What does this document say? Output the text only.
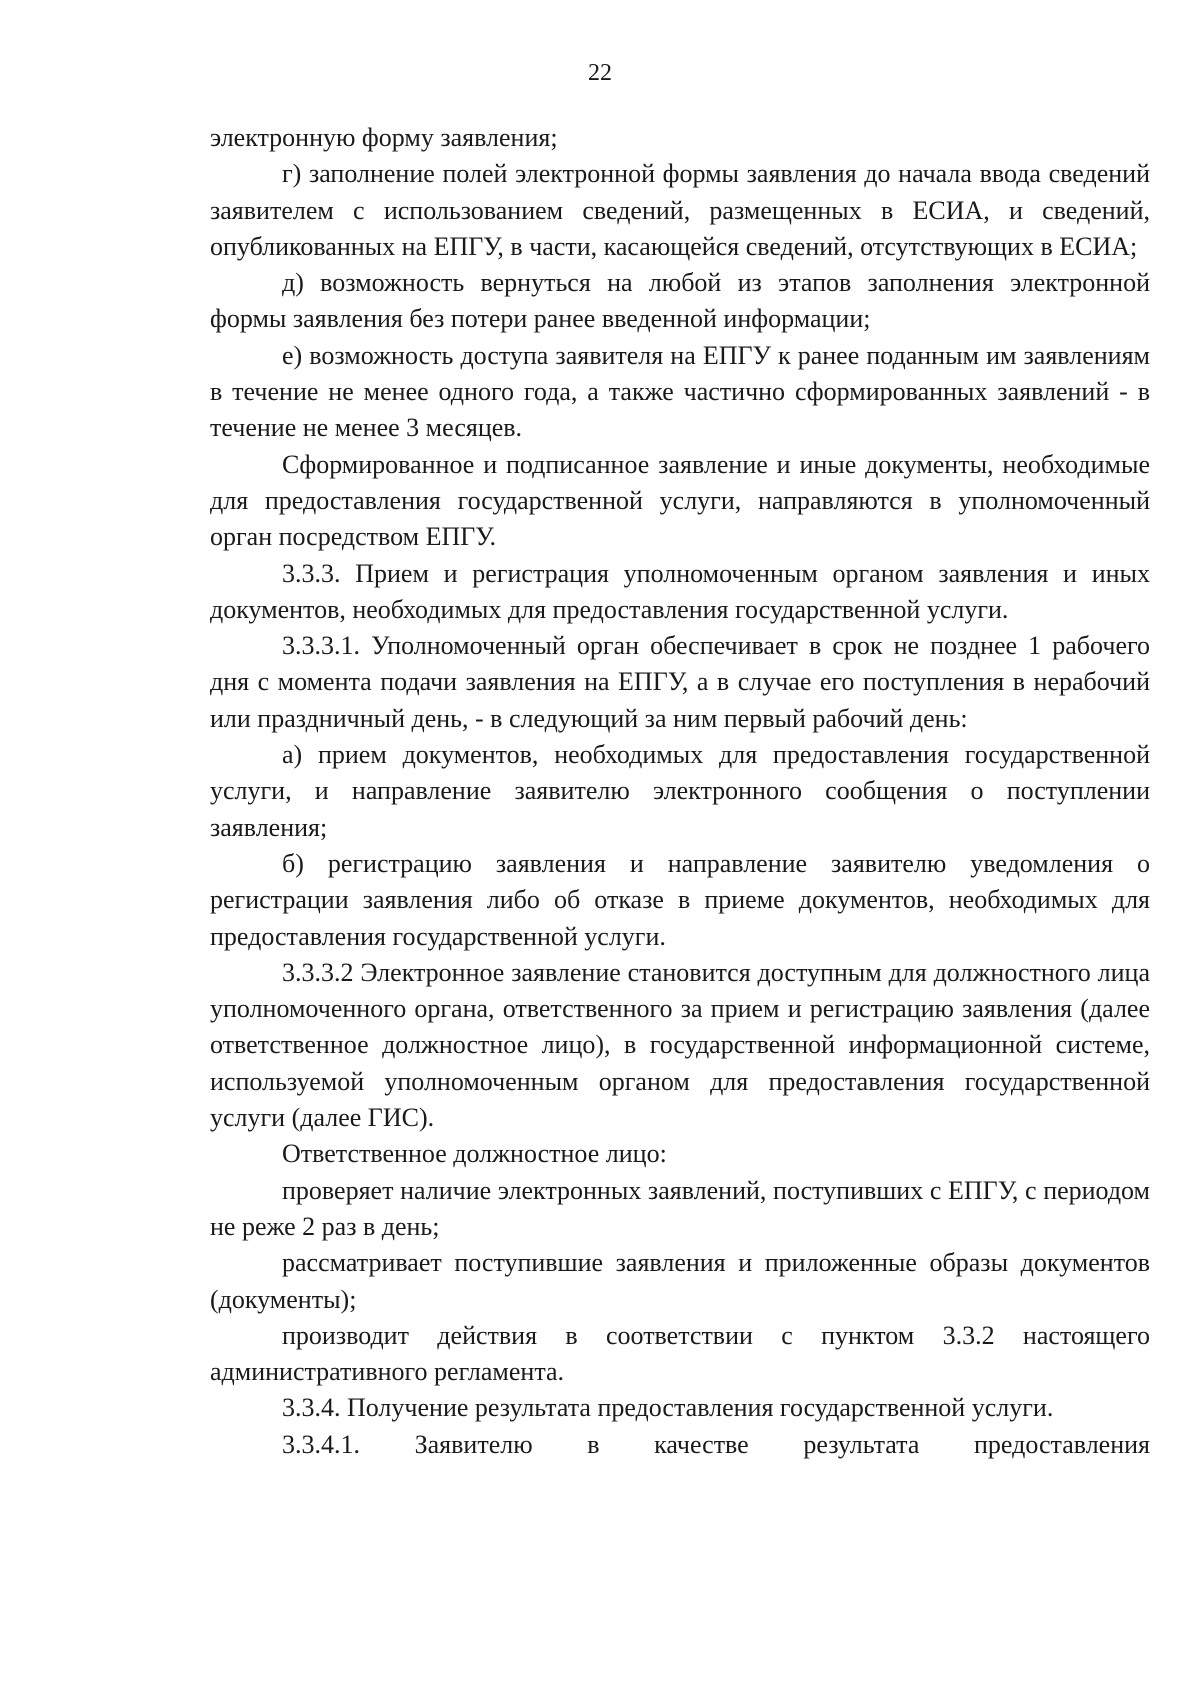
22

электронную форму заявления;

г) заполнение полей электронной формы заявления до начала ввода сведений заявителем с использованием сведений, размещенных в ЕСИА, и сведений, опубликованных на ЕПГУ, в части, касающейся сведений, отсутствующих в ЕСИА;

д) возможность вернуться на любой из этапов заполнения электронной формы заявления без потери ранее введенной информации;

е) возможность доступа заявителя на ЕПГУ к ранее поданным им заявлениям в течение не менее одного года, а также частично сформированных заявлений - в течение не менее 3 месяцев.

Сформированное и подписанное заявление и иные документы, необходимые для предоставления государственной услуги, направляются в уполномоченный орган посредством ЕПГУ.

3.3.3. Прием и регистрация уполномоченным органом заявления и иных документов, необходимых для предоставления государственной услуги.

3.3.3.1. Уполномоченный орган обеспечивает в срок не позднее 1 рабочего дня с момента подачи заявления на ЕПГУ, а в случае его поступления в нерабочий или праздничный день, - в следующий за ним первый рабочий день:

а) прием документов, необходимых для предоставления государственной услуги, и направление заявителю электронного сообщения о поступлении заявления;

б) регистрацию заявления и направление заявителю уведомления о регистрации заявления либо об отказе в приеме документов, необходимых для предоставления государственной услуги.

3.3.3.2 Электронное заявление становится доступным для должностного лица уполномоченного органа, ответственного за прием и регистрацию заявления (далее ответственное должностное лицо), в государственной информационной системе, используемой уполномоченным органом для предоставления государственной услуги (далее ГИС).

Ответственное должностное лицо:

проверяет наличие электронных заявлений, поступивших с ЕПГУ, с периодом не реже 2 раз в день;

рассматривает поступившие заявления и приложенные образы документов (документы);

производит действия в соответствии с пунктом 3.3.2 настоящего административного регламента.

3.3.4. Получение результата предоставления государственной услуги.

3.3.4.1. Заявителю в качестве результата предоставления
